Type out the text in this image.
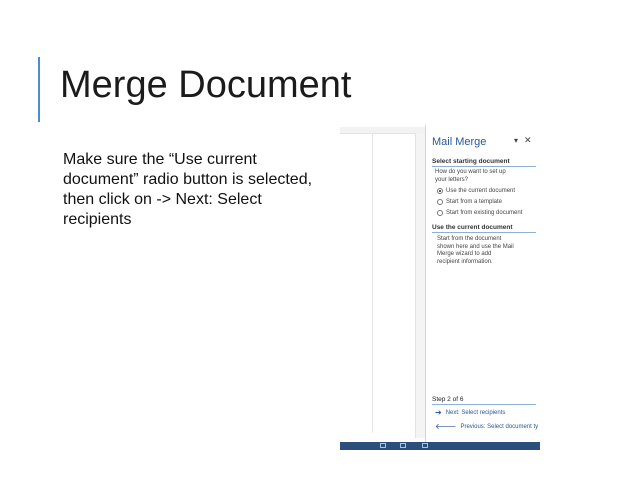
Merge Document
Make sure the “Use current
document” radio button is selected,
then click on -> Next: Select
recipients
Mail Merge	▾ ✕
Select starting document
How do you want to set up
your letters?
Use the current document
Start from a template
Start from existing document
Use the current document
Start from the document
shown here and use the Mail
Merge wizard to add
recipient information.
Step 2 of 6
➔ Next: Select recipients
🡐 Previous: Select document ty
